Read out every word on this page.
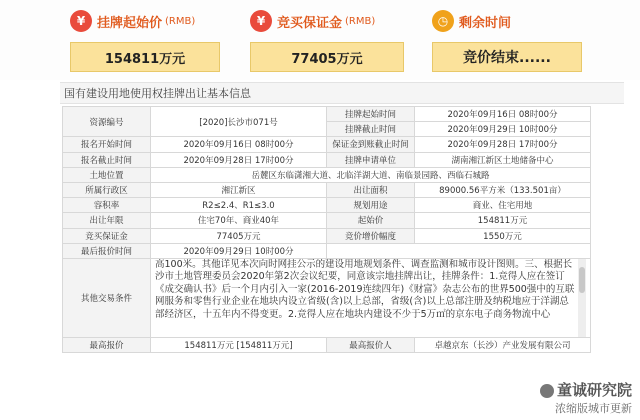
¥ 挂牌起始价 (RMB)
154811万元
¥ 竞买保证金 (RMB)
77405万元
◷ 剩余时间
竞价结束......
国有建设用地使用权挂牌出让基本信息
资源编号	[2020]长沙市071号	挂牌起始时间	2020年09月16日 08时00分
		挂牌截止时间	2020年09月29日 10时00分
报名开始时间	2020年09月16日 08时00分	保证金到账截止时间	2020年09月28日 17时00分
报名截止时间	2020年09月28日 17时00分	挂牌申请单位	湖南湘江新区土地储备中心
土地位置	岳麓区东临潇湘大道、北临洋湖大道、南临景园路、西临石城路		
所属行政区	湘江新区	出让面积	89000.56平方米（133.501亩）
容积率	R2≤2.4、R1≤3.0	规划用途	商业、住宅用地
出让年限	住宅70年、商业40年	起始价	154811万元
竞买保证金	77405万元	竞价增价幅度	1550万元
最后报价时间	2020年09月29日 10时00分		
其他交易条件	高100米。其他详见本次向时网挂公示的建设用地规划条件、调查监测和城市设计图则。三、根据长沙市土地管理委员会2020年第2次会议纪要，同意该宗地挂牌出让，挂牌条件：1.竞得人应在签订《成交确认书》后一个月内引入一家(2016-2019连续四年)《财富》杂志公布的世界500强中的互联网服务和零售行业企业在地块内设立省级(含)以上总部，省级(含)以上总部注册及纳税地应于洋湖总部经济区，十五年内不得变更。2.竞得人应在地块内建设不少于5万㎡的京东电子商务物流中心		

最高报价	154811万元 [154811万元]	最高报价人	卓越京东（长沙）产业发展有限公司
童诚研究院
浓缩版城市更新
